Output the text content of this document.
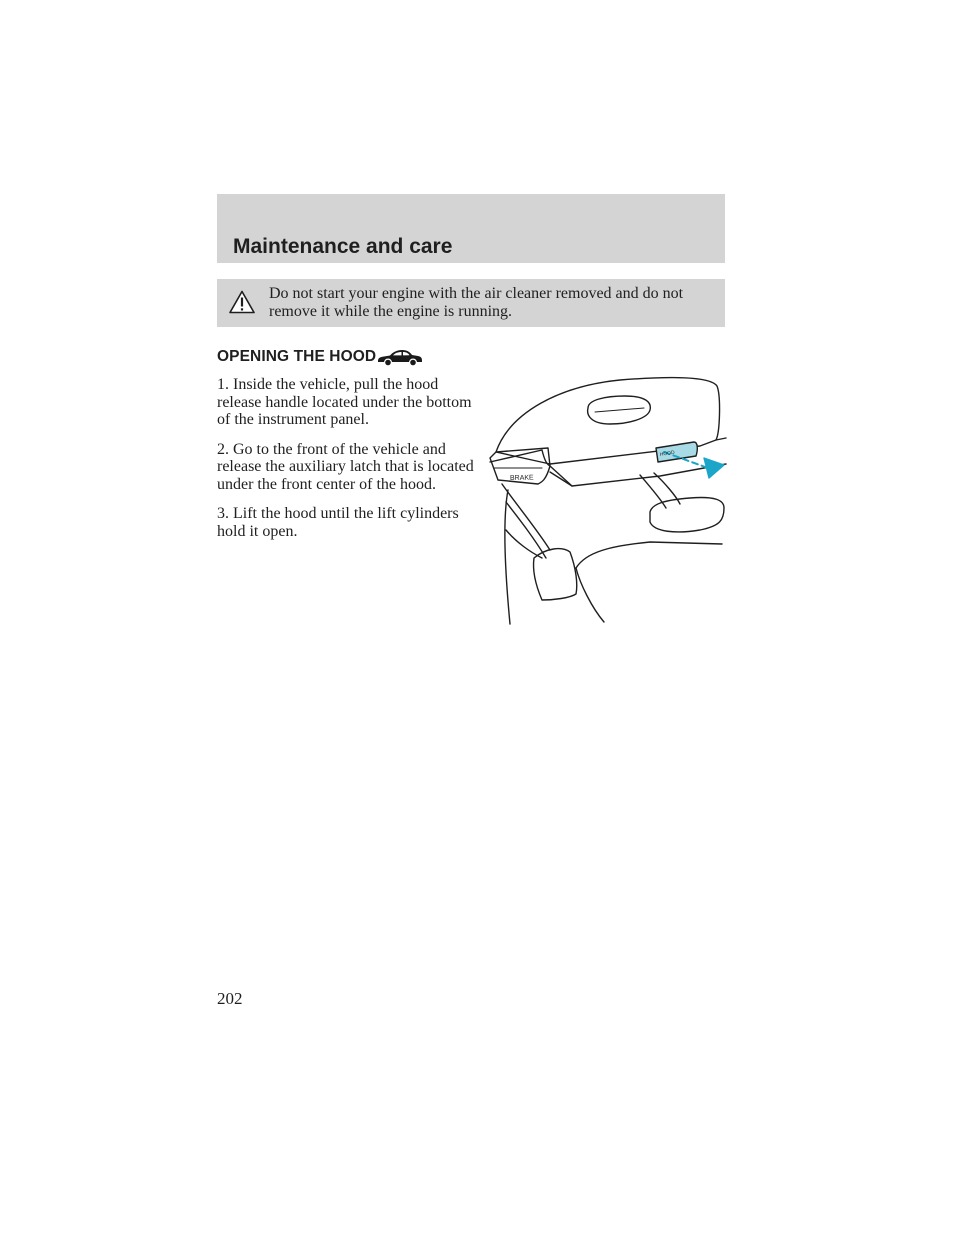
Maintenance and care

Do not start your engine with the air cleaner removed and do not remove it while the engine is running.

OPENING THE HOOD

1. Inside the vehicle, pull the hood release handle located under the bottom of the instrument panel.

2. Go to the front of the vehicle and release the auxiliary latch that is located under the front center of the hood.

3. Lift the hood until the lift cylinders hold it open.

BRAKE
HOOD

202
